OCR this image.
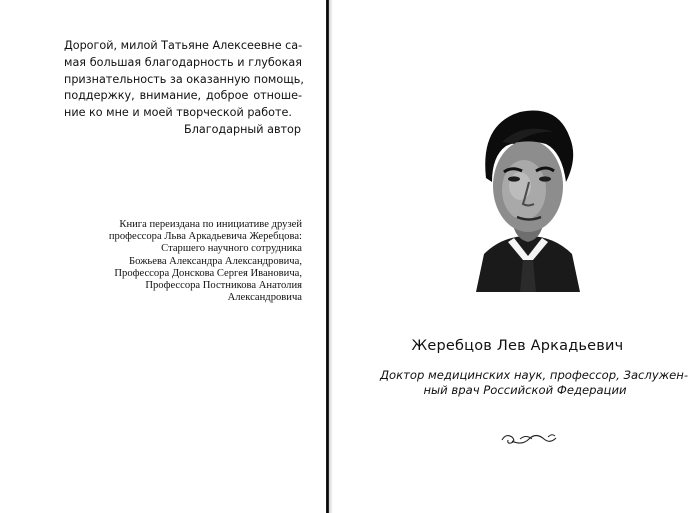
Дорогой, милой Татьяне Алексеевне са-
мая большая благодарность и глубокая
признательность за оказанную помощь,
поддержку, внимание, доброе отноше-
ние ко мне и моей творческой работе.
Благодарный автор
Книга переиздана по инициативе друзей
профессора Льва Аркадьевича Жеребцова:
Старшего научного сотрудника
Божьева Александра Александровича,
Профессора Донскова Сергея Ивановича,
Профессора Постникова Анатолия
Александровича
Жеребцов Лев Аркадьевич
Доктор медицинских наук, профессор, Заслужен-
ный врач Российской Федерации
